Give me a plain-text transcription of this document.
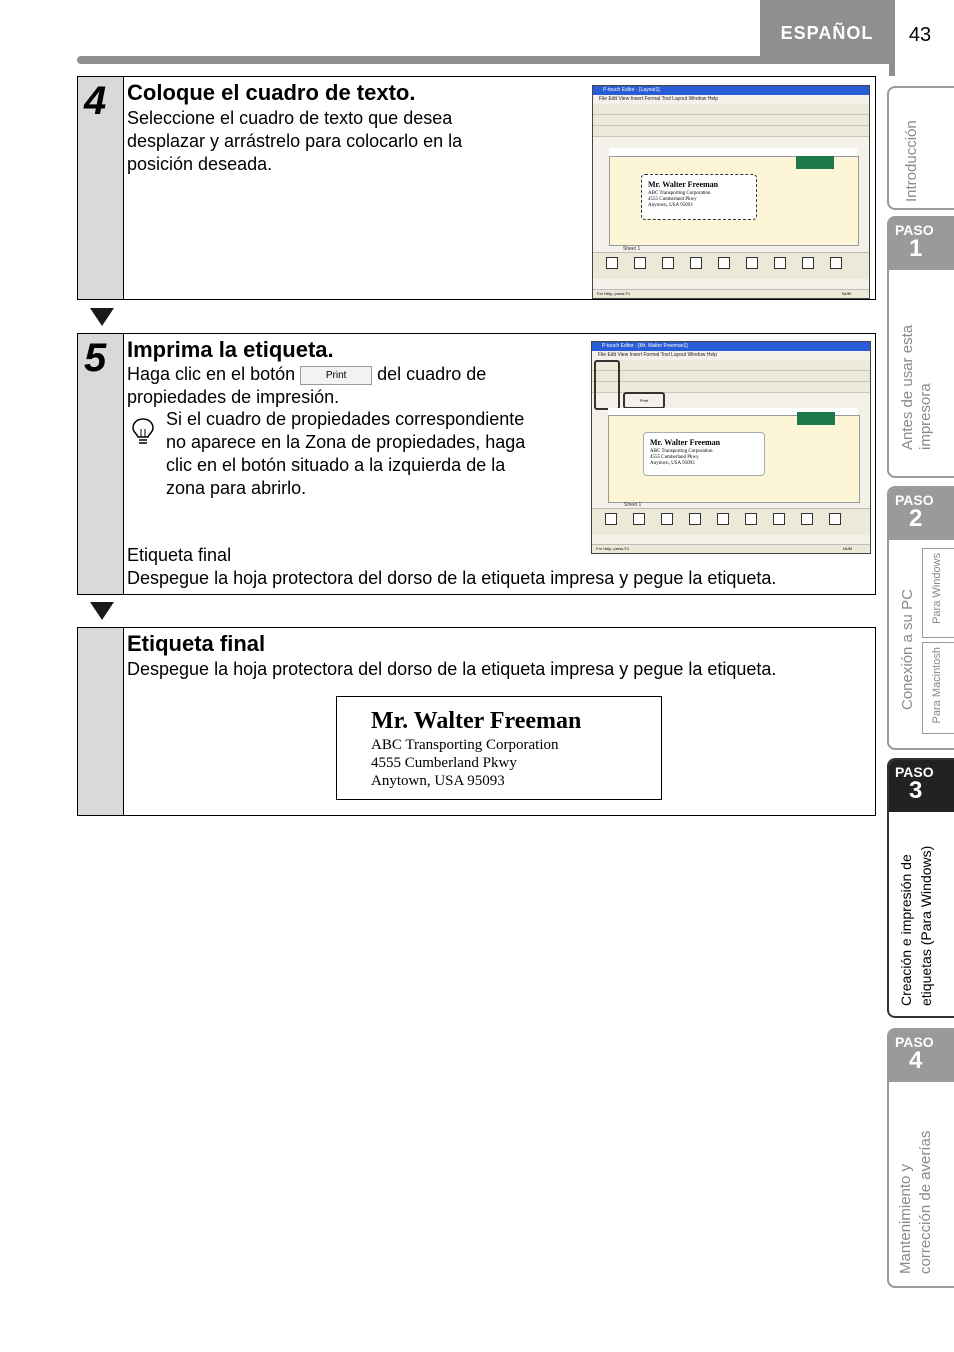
ESPAÑOL	43
4 Coloque el cuadro de texto.
Seleccione el cuadro de texto que desea
desplazar y arrástrelo para colocarlo en la
posición deseada.
P-touch Editor - [Layout1]
File Edit View Insert Format Tool Layout Window Help
Mr. Walter Freeman
ABC Transporting Corporation
4555 Cumberland Pkwy
Anytown, USA 95093
Sheet 1
For Help, press F1	NUM
5 Imprima la etiqueta.
Haga clic en el botón	Print del cuadro de
propiedades de impresión.
Si el cuadro de propiedades correspondiente
no aparece en la Zona de propiedades, haga
clic en el botón situado a la izquierda de la
zona para abrirlo.
Etiqueta final
Despegue la hoja protectora del dorso de la etiqueta impresa y pegue la etiqueta.
P-touch Editor - [Mr. Walter Freeman1]
File Edit View Insert Format Tool Layout Window Help
Print
Mr. Walter Freeman
ABC Transporting Corporation
4555 Cumberland Pkwy
Anytown, USA 95093
Sheet 1
For Help, press F1	NUM
Etiqueta final
Despegue la hoja protectora del dorso de la etiqueta impresa y pegue la etiqueta.
Mr. Walter Freeman
ABC Transporting Corporation
4555 Cumberland Pkwy
Anytown, USA 95093
Introducción
PASO
1
Antes de usar esta impresora
PASO
2
Conexión a su PC
Para Windows
Para Macintosh
PASO
3
Creación e impresión de etiquetas (Para Windows)
PASO
4
Mantenimiento y corrección de averías
